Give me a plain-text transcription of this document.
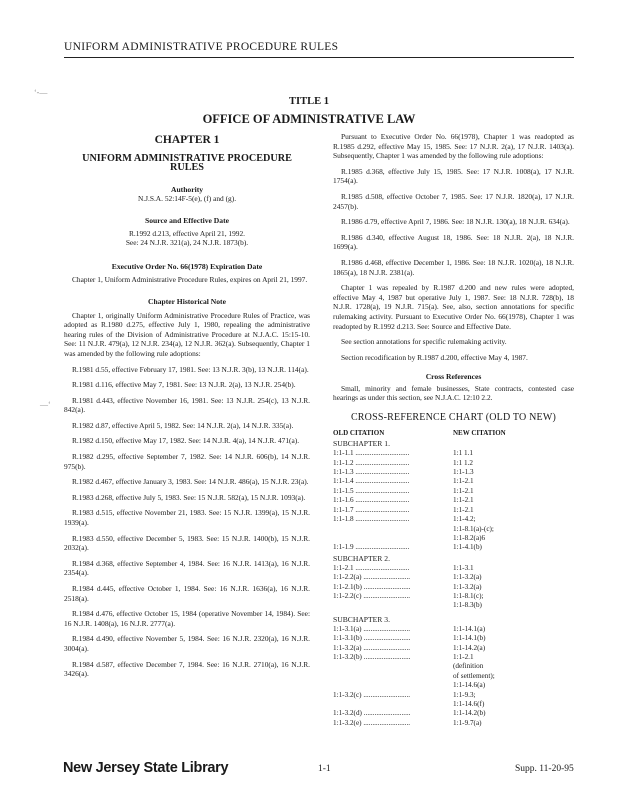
UNIFORM ADMINISTRATIVE PROCEDURE RULES
TITLE 1
OFFICE OF ADMINISTRATIVE LAW
‘-—
—‘
CHAPTER 1
UNIFORM ADMINISTRATIVE PROCEDURE RULES
Authority
N.J.S.A. 52:14F-5(e), (f) and (g).
Source and Effective Date
R.1992 d.213, effective April 21, 1992.
See: 24 N.J.R. 321(a), 24 N.J.R. 1873(b).
Executive Order No. 66(1978) Expiration Date

Chapter 1, Uniform Administrative Procedure Rules, expires on April 21, 1997.

Chapter Historical Note

Chapter 1, originally Uniform Administrative Procedure Rules of Practice, was adopted as R.1980 d.275, effective July 1, 1980, repealing the administrative hearing rules of the Division of Administrative Procedure at N.J.A.C. 15:15-10. See: 11 N.J.R. 479(a), 12 N.J.R. 234(a), 12 N.J.R. 362(a). Subsequently, Chapter 1 was amended by the following rule adoptions:

R.1981 d.55, effective February 17, 1981. See: 13 N.J.R. 3(b), 13 N.J.R. 114(a).

R.1981 d.116, effective May 7, 1981. See: 13 N.J.R. 2(a), 13 N.J.R. 254(b).

R.1981 d.443, effective November 16, 1981. See: 13 N.J.R. 254(c), 13 N.J.R. 842(a).

R.1982 d.87, effective April 5, 1982. See: 14 N.J.R. 2(a), 14 N.J.R. 335(a).

R.1982 d.150, effective May 17, 1982. See: 14 N.J.R. 4(a), 14 N.J.R. 471(a).

R.1982 d.295, effective September 7, 1982. See: 14 N.J.R. 606(b), 14 N.J.R. 975(b).

R.1982 d.467, effective January 3, 1983. See: 14 N.J.R. 486(a), 15 N.J.R. 23(a).

R.1983 d.268, effective July 5, 1983. See: 15 N.J.R. 582(a), 15 N.J.R. 1093(a).

R.1983 d.515, effective November 21, 1983. See: 15 N.J.R. 1399(a), 15 N.J.R. 1939(a).

R.1983 d.550, effective December 5, 1983. See: 15 N.J.R. 1400(b), 15 N.J.R. 2032(a).

R.1984 d.368, effective September 4, 1984. See: 16 N.J.R. 1413(a), 16 N.J.R. 2354(a).

R.1984 d.445, effective October 1, 1984. See: 16 N.J.R. 1636(a), 16 N.J.R. 2518(a).

R.1984 d.476, effective October 15, 1984 (operative November 14, 1984). See: 16 N.J.R. 1408(a), 16 N.J.R. 2777(a).

R.1984 d.490, effective November 5, 1984. See: 16 N.J.R. 2320(a), 16 N.J.R. 3004(a).

R.1984 d.587, effective December 7, 1984. See: 16 N.J.R. 2710(a), 16 N.J.R. 3426(a).

Pursuant to Executive Order No. 66(1978), Chapter 1 was readopted as R.1985 d.292, effective May 15, 1985. See: 17 N.J.R. 2(a), 17 N.J.R. 1403(a). Subsequently, Chapter 1 was amended by the following rule adoptions:

R.1985 d.368, effective July 15, 1985. See: 17 N.J.R. 1008(a), 17 N.J.R. 1754(a).

R.1985 d.508, effective October 7, 1985. See: 17 N.J.R. 1820(a), 17 N.J.R. 2457(b).

R.1986 d.79, effective April 7, 1986. See: 18 N.J.R. 130(a), 18 N.J.R. 634(a).

R.1986 d.340, effective August 18, 1986. See: 18 N.J.R. 2(a), 18 N.J.R. 1699(a).

R.1986 d.468, effective December 1, 1986. See: 18 N.J.R. 1020(a), 18 N.J.R. 1865(a), 18 N.J.R. 2381(a).

Chapter 1 was repealed by R.1987 d.200 and new rules were adopted, effective May 4, 1987 but operative July 1, 1987. See: 18 N.J.R. 728(b), 18 N.J.R. 1728(a), 19 N.J.R. 715(a). See, also, section annotations for specific rulemaking activity. Pursuant to Executive Order No. 66(1978), Chapter 1 was readopted by R.1992 d.213. See: Source and Effective Date.

See section annotations for specific rulemaking activity.

Section recodification by R.1987 d.200, effective May 4, 1987.

Cross References

Small, minority and female businesses, State contracts, contested case hearings as under this section, see N.J.A.C. 12:10 2.2.

CROSS-REFERENCE CHART (OLD TO NEW)
OLD CITATION	NEW CITATION
SUBCHAPTER 1.
1:1-1.1 ..............................	1:1 1.1
1:1-1.2 ..............................	1:1 1.2
1:1-1.3 ..............................	1:1-1.3
1:1-1.4 ..............................	1:1-2.1
1:1-1.5 ..............................	1:1-2.1
1:1-1.6 ..............................	1:1-2.1
1:1-1.7 ..............................	1:1-2.1
1:1-1.8 ..............................	1:1-4.2;
1:1-8.1(a)-(c);
1:1-8.2(a)6
1:1-1.9 ..............................	1:1-4.1(b)
SUBCHAPTER 2.
1:1-2.1 ..............................	1:1-3.1
1:1-2.2(a) ..........................	1:1-3.2(a)
1:1-2.1(b) ..........................	1:1-3.2(a)
1:1-2.2(c) ..........................	1:1-8.1(c);
1:1-8.3(b)
SUBCHAPTER 3.
1:1-3.1(a) ..........................	1:1-14.1(a)
1:1-3.1(b) ..........................	1:1-14.1(b)
1:1-3.2(a) ..........................	1:1-14.2(a)
1:1-3.2(b) ..........................	1:1-2.1
(definition
of settlement);
1:1-14.6(a)
1:1-3.2(c) ..........................	1:1-9.3;
1:1-14.6(f)
1:1-3.2(d) ..........................	1:1-14.2(b)
1:1-3.2(e) ..........................	1:1-9.7(a)
New Jersey State Library	1-1	Supp. 11-20-95
